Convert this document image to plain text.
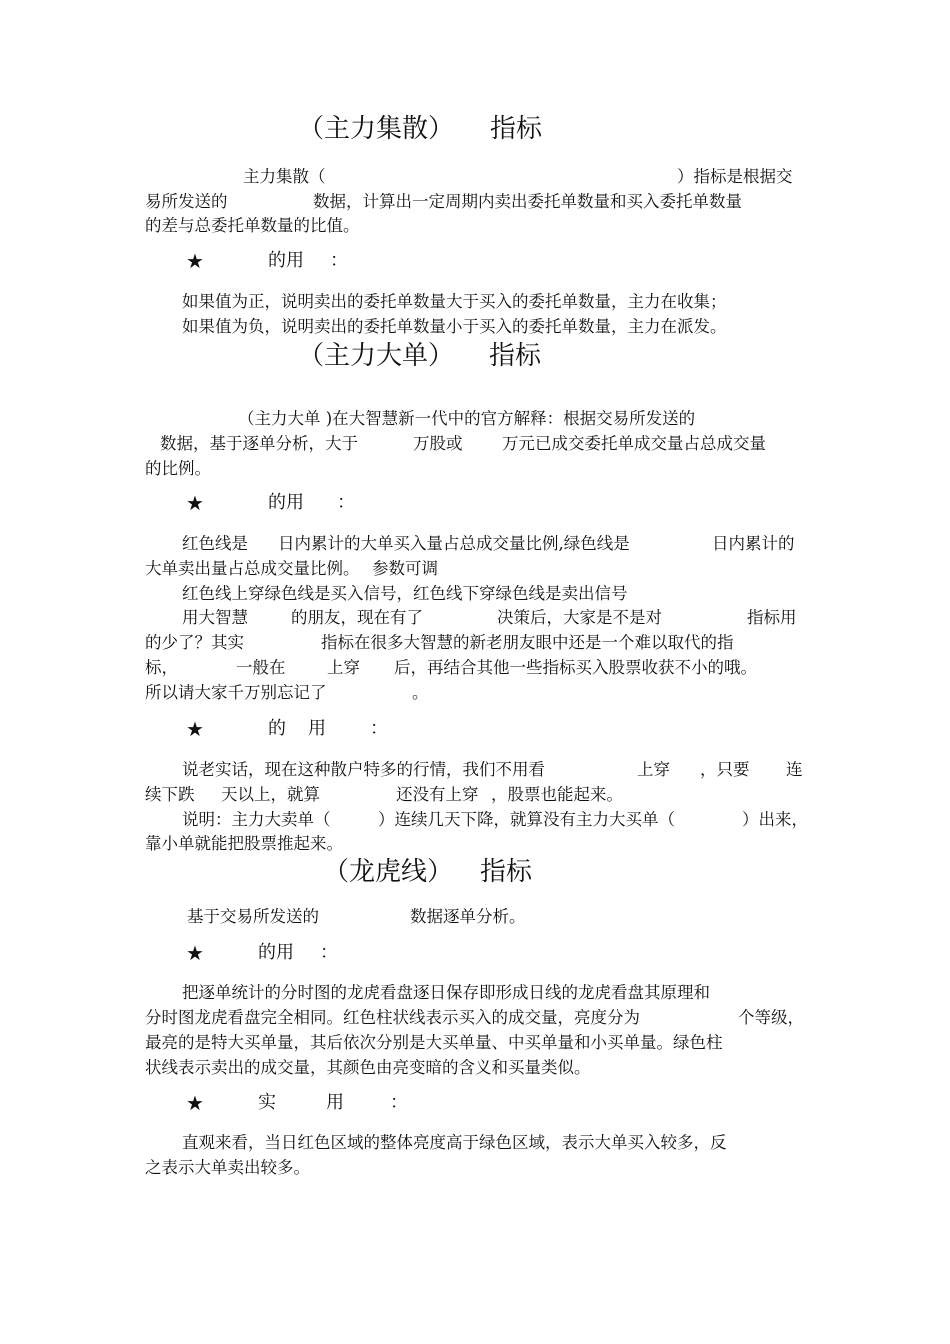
（主力集散） 指标
主力集散（	）指标是根据交
易所发送的	数据，计算出一定周期内卖出委托单数量和买入委托单数量
的差与总委托单数量的比值。
★	的用 ：
如果值为正，说明卖出的委托单数量大于买入的委托单数量，主力在收集；
如果值为负，说明卖出的委托单数量小于买入的委托单数量，主力在派发。
（主力大单） 指标
（主力大单 )在大智慧新一代中的官方解释：根据交易所发送的
数据，基于逐单分析，大于	万股或 万元已成交委托单成交量占总成交量
的比例。
★	的用 ：
红色线是 日内累计的大单买入量占总成交量比例,绿色线是	日内累计的
大单卖出量占总成交量比例。 参数可调
红色线上穿绿色线是买入信号，红色线下穿绿色线是卖出信号
用大智慧	的朋友，现在有了	决策后，大家是不是对	指标用
的少了？其实	指标在很多大智慧的新老朋友眼中还是一个难以取代的指
标，	一般在	上穿 后，再结合其他一些指标买入股票收获不小的哦。
所以请大家千万别忘记了	。
★	的 用 ：
说老实话，现在这种散户特多的行情，我们不用看	上穿 ，只要 连
续下跌 天以上，就算	还没有上穿 ，股票也能起来。
说明：主力大卖单（	）连续几天下降，就算没有主力大买单（	）出来，
靠小单就能把股票推起来。
（龙虎线） 指标
基于交易所发送的	数据逐单分析。
★	的用 ：
把逐单统计的分时图的龙虎看盘逐日保存即形成日线的龙虎看盘其原理和
分时图龙虎看盘完全相同。红色柱状线表示买入的成交量，亮度分为	个等级，
最亮的是特大买单量，其后依次分别是大买单量、中买单量和小买单量。绿色柱
状线表示卖出的成交量，其颜色由亮变暗的含义和买量类似。
★	实	用	：
直观来看，当日红色区域的整体亮度高于绿色区域，表示大单买入较多，反
之表示大单卖出较多。
